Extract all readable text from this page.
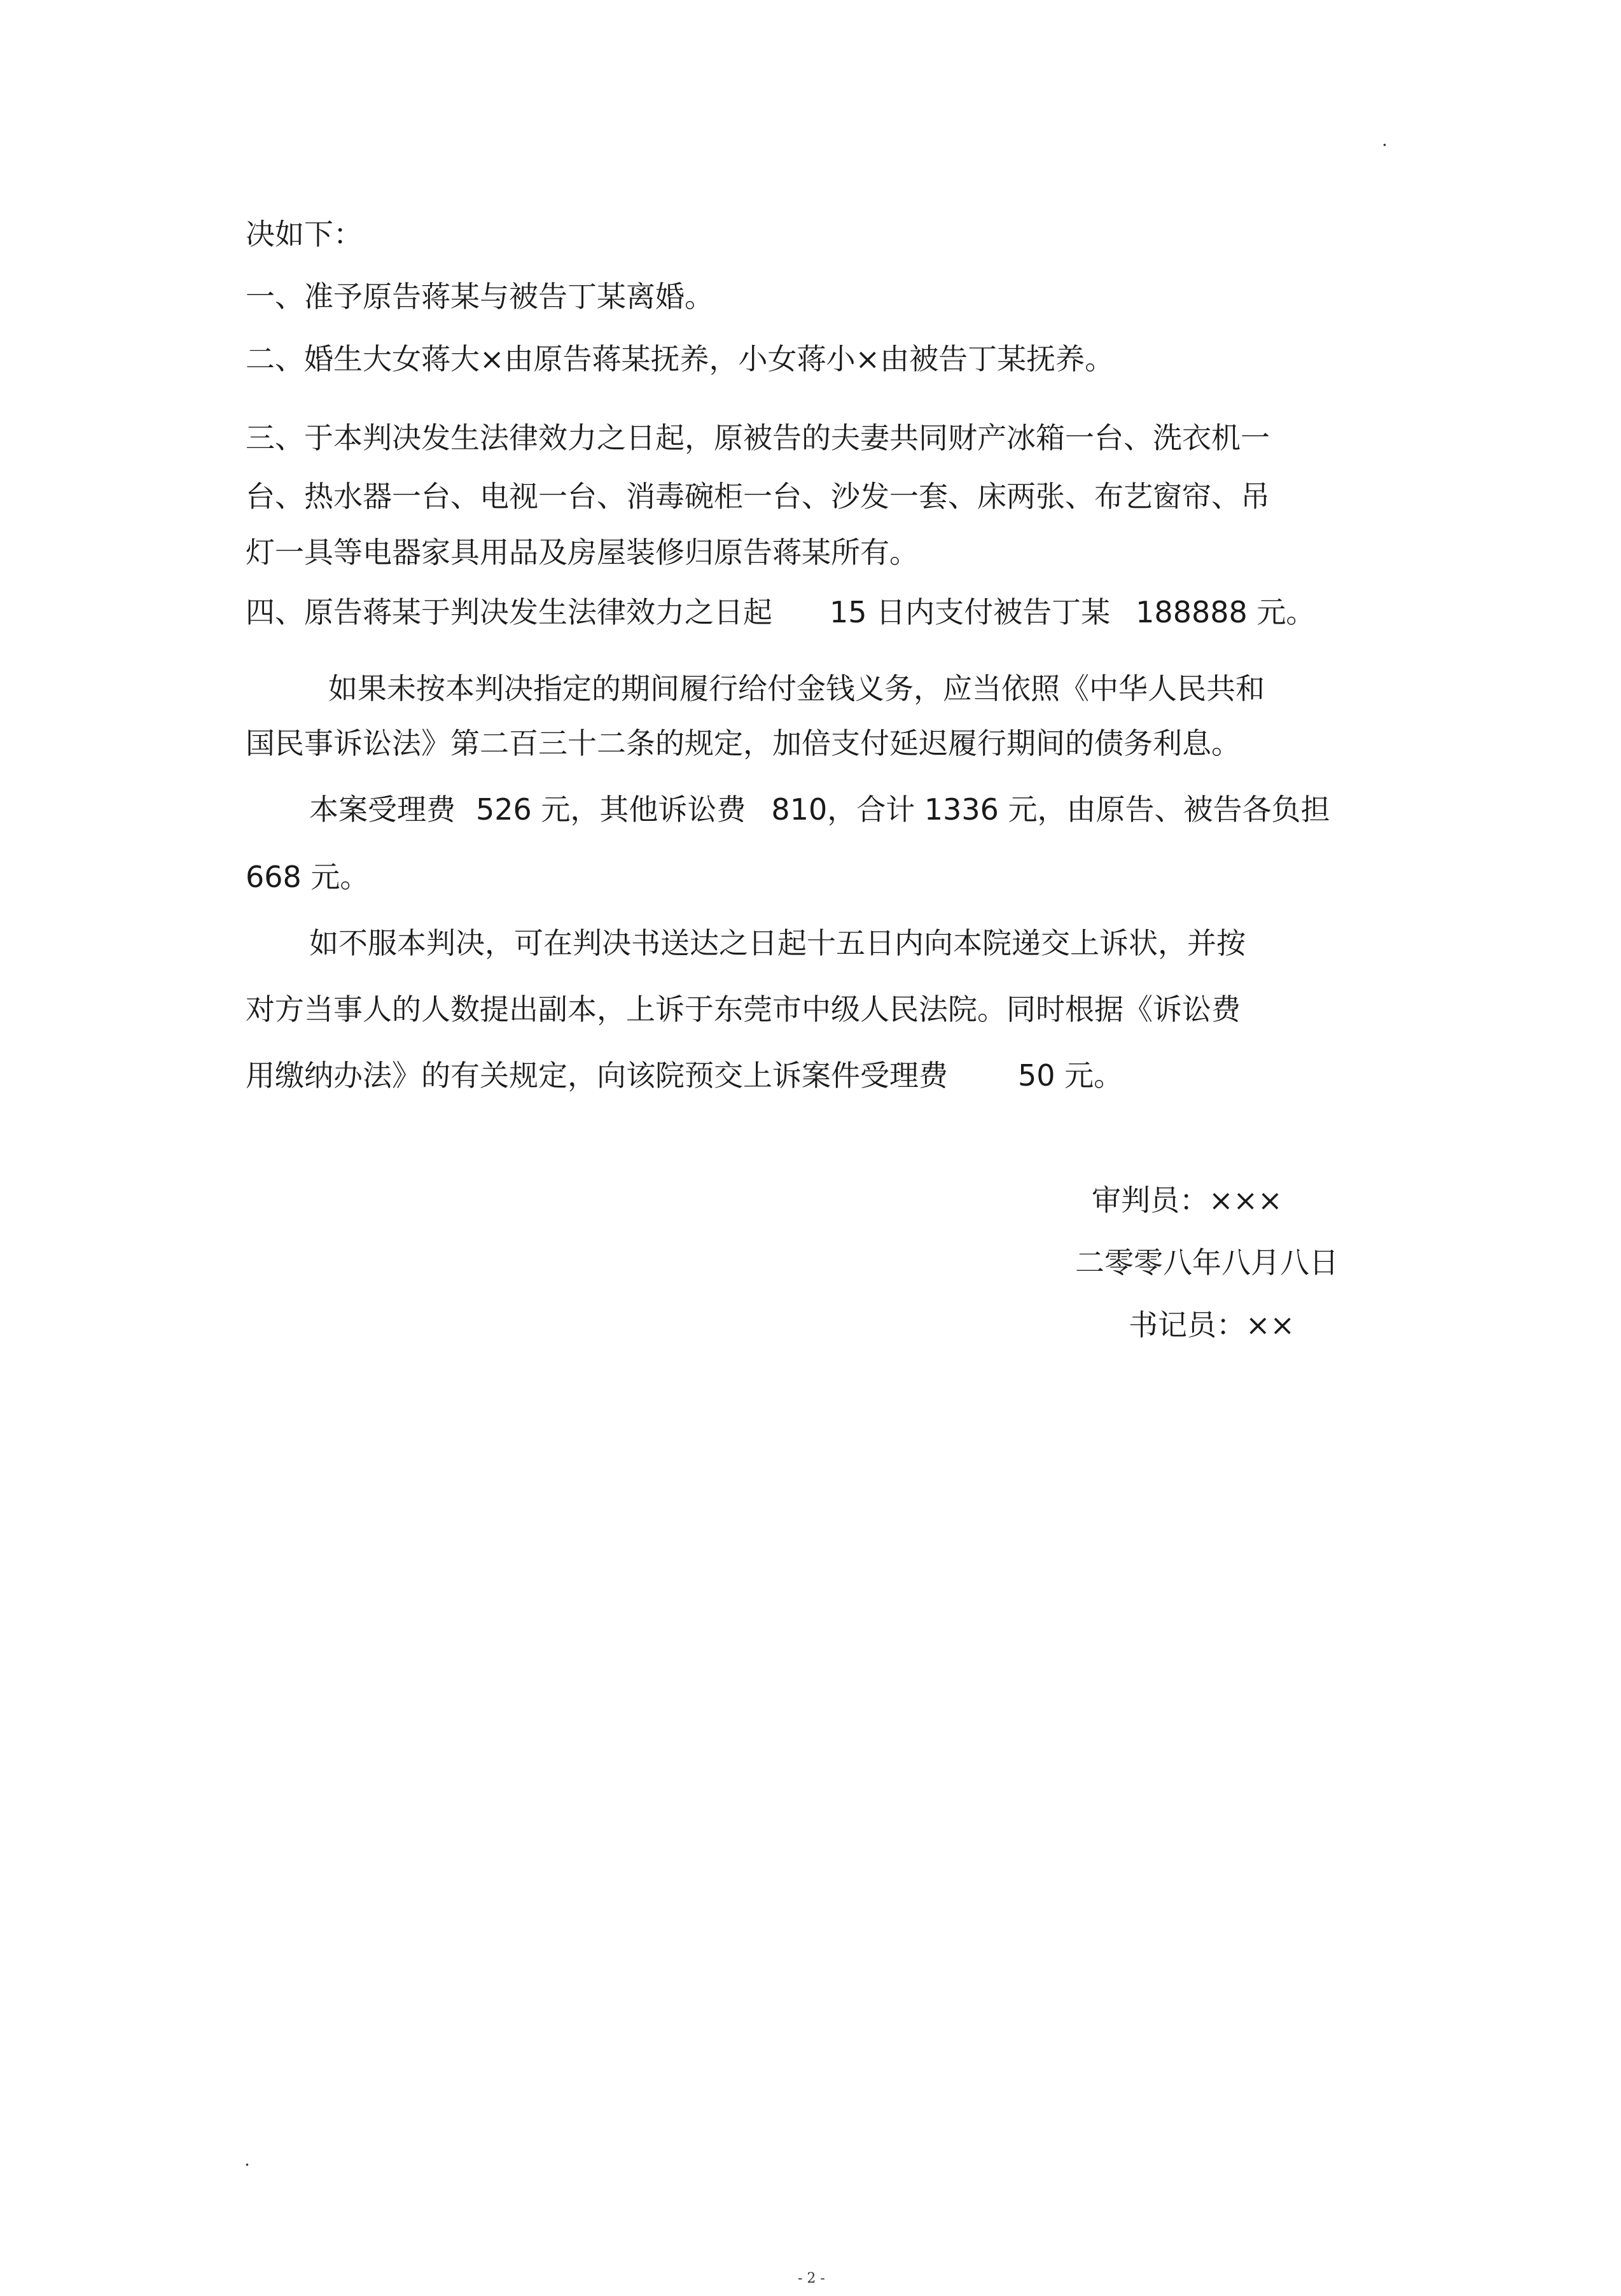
.
决如下：
一、准予原告蒋某与被告丁某离婚。
二、婚生大女蒋大×由原告蒋某抚养，小女蒋小×由被告丁某抚养。
三、于本判决发生法律效力之日起，原被告的夫妻共同财产冰箱一台、洗衣机一
台、热水器一台、电视一台、消毒碗柜一台、沙发一套、床两张、布艺窗帘、吊
灯一具等电器家具用品及房屋装修归原告蒋某所有。
四、原告蒋某于判决发生法律效力之日起 15 日内支付被告丁某 188888 元。
如果未按本判决指定的期间履行给付金钱义务，应当依照《中华人民共和
国民事诉讼法》第二百三十二条的规定，加倍支付延迟履行期间的债务利息。
本案受理费 526 元，其他诉讼费 810，合计 1336 元，由原告、被告各负担
668 元。
如不服本判决，可在判决书送达之日起十五日内向本院递交上诉状，并按
对方当事人的人数提出副本，上诉于东莞市中级人民法院。同时根据《诉讼费
用缴纳办法》的有关规定，向该院预交上诉案件受理费 50 元。
审判员：×××
二零零八年八月八日
书记员：××
.
- 2 -
